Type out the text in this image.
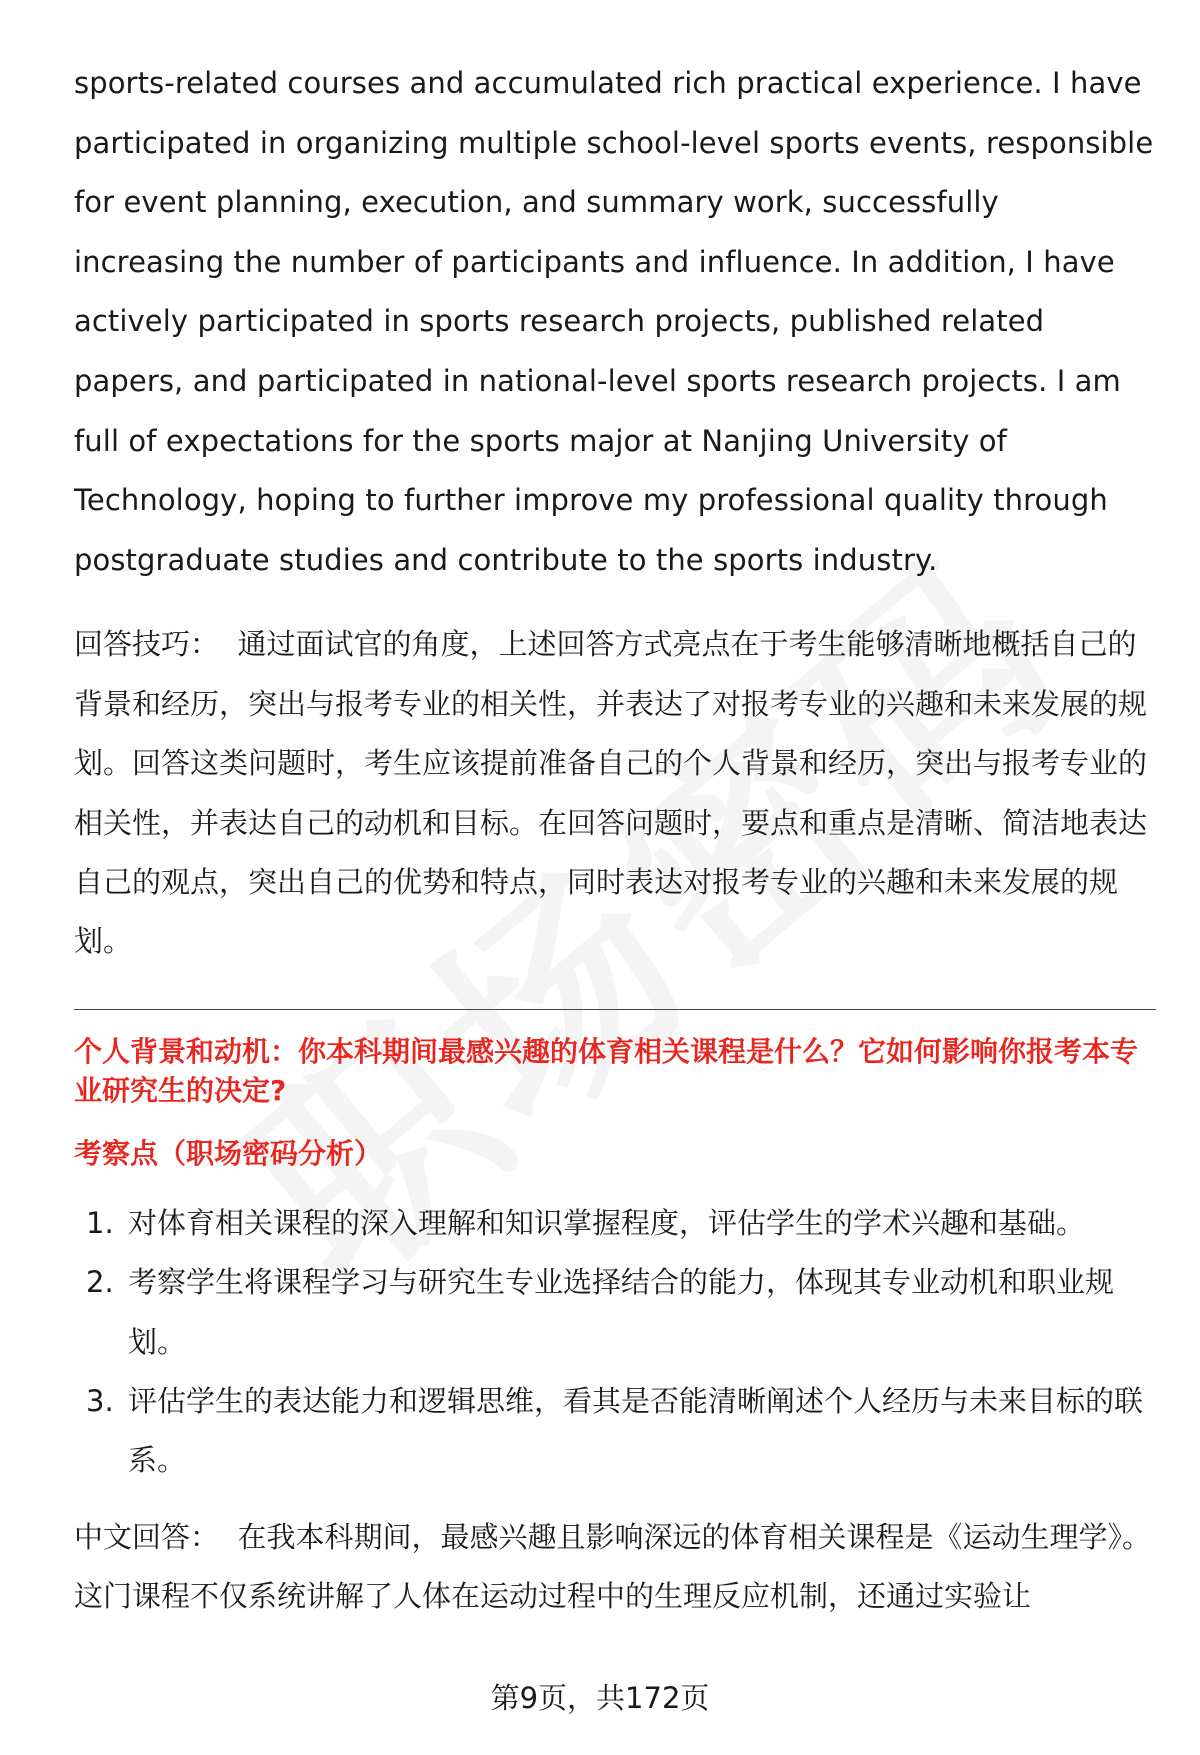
sports-related courses and accumulated rich practical experience. I have participated in organizing multiple school-level sports events, responsible for event planning, execution, and summary work, successfully increasing the number of participants and influence. In addition, I have actively participated in sports research projects, published related papers, and participated in national-level sports research projects. I am full of expectations for the sports major at Nanjing University of Technology, hoping to further improve my professional quality through postgraduate studies and contribute to the sports industry.

回答技巧： 通过面试官的角度，上述回答方式亮点在于考生能够清晰地概括自己的背景和经历，突出与报考专业的相关性，并表达了对报考专业的兴趣和未来发展的规划。回答这类问题时，考生应该提前准备自己的个人背景和经历，突出与报考专业的相关性，并表达自己的动机和目标。在回答问题时，要点和重点是清晰、简洁地表达自己的观点，突出自己的优势和特点，同时表达对报考专业的兴趣和未来发展的规划。

个人背景和动机：你本科期间最感兴趣的体育相关课程是什么？它如何影响你报考本专业研究生的决定?

考察点（职场密码分析）

1. 对体育相关课程的深入理解和知识掌握程度，评估学生的学术兴趣和基础。
2. 考察学生将课程学习与研究生专业选择结合的能力，体现其专业动机和职业规划。
3. 评估学生的表达能力和逻辑思维，看其是否能清晰阐述个人经历与未来目标的联系。

中文回答： 在我本科期间，最感兴趣且影响深远的体育相关课程是《运动生理学》。这门课程不仅系统讲解了人体在运动过程中的生理反应机制，还通过实验让

第9页，共172页
